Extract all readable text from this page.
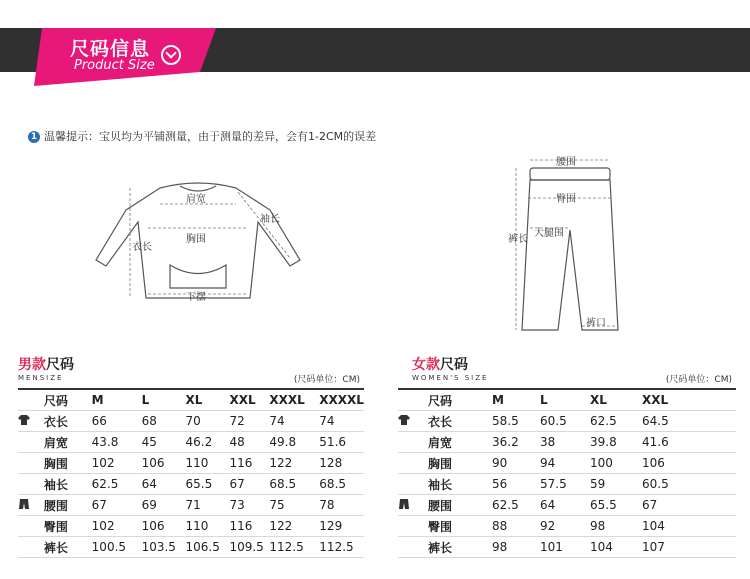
尺码信息
Product Size
1 温馨提示：宝贝均为平铺测量，由于测量的差异，会有1-2CM的误差
肩宽
袖长
衣长
胸围
下摆
腰围
臀围
裤长
大腿围
裤口
男款尺码
MENSIZE	(尺码单位：CM)
	尺码	M	L	XL	XXL	XXXL	XXXXL
	衣长	66	68	70	72	74	74
	肩宽	43.8	45	46.2	48	49.8	51.6
	胸围	102	106	110	116	122	128
	袖长	62.5	64	65.5	67	68.5	68.5
	腰围	67	69	71	73	75	78
	臀围	102	106	110	116	122	129
	裤长	100.5	103.5	106.5	109.5	112.5	112.5
女款尺码
WOMEN'S SIZE	(尺码单位：CM)
	尺码	M	L	XL	XXL
	衣长	58.5	60.5	62.5	64.5
	肩宽	36.2	38	39.8	41.6
	胸围	90	94	100	106
	袖长	56	57.5	59	60.5
	腰围	62.5	64	65.5	67
	臀围	88	92	98	104
	裤长	98	101	104	107
